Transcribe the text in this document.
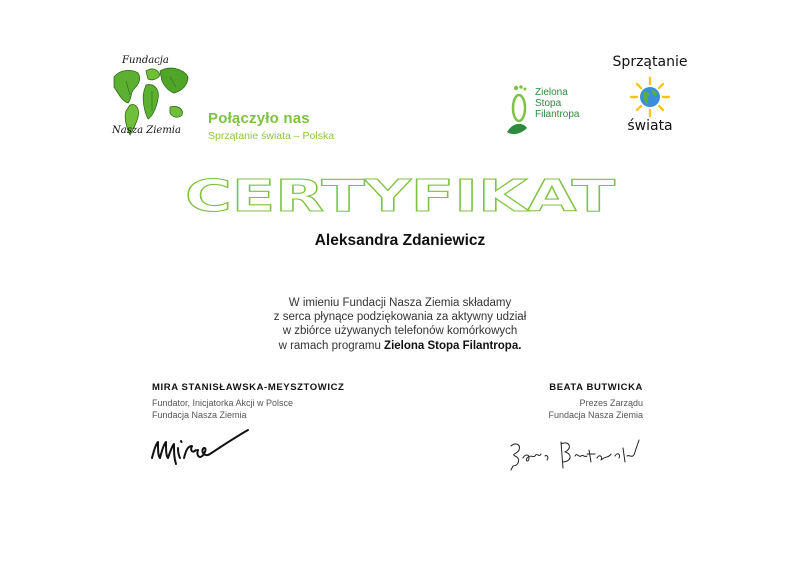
Fundacja
Nasza Ziemia
Połączyło nas
Sprzątanie świata – Polska
Zielona
Stopa
Filantropa
Sprzątanie
świata
CERTYFIKAT
Aleksandra Zdaniewicz
W imieniu Fundacji Nasza Ziemia składamy
z serca płynące podziękowania za aktywny udział
w zbiórce używanych telefonów komórkowych
w ramach programu Zielona Stopa Filantropa.
MIRA STANISŁAWSKA-MEYSZTOWICZ
Fundator, Inicjatorka Akcji w Polsce
Fundacja Nasza Ziemia
BEATA BUTWICKA
Prezes Zarządu
Fundacja Nasza Ziemia
